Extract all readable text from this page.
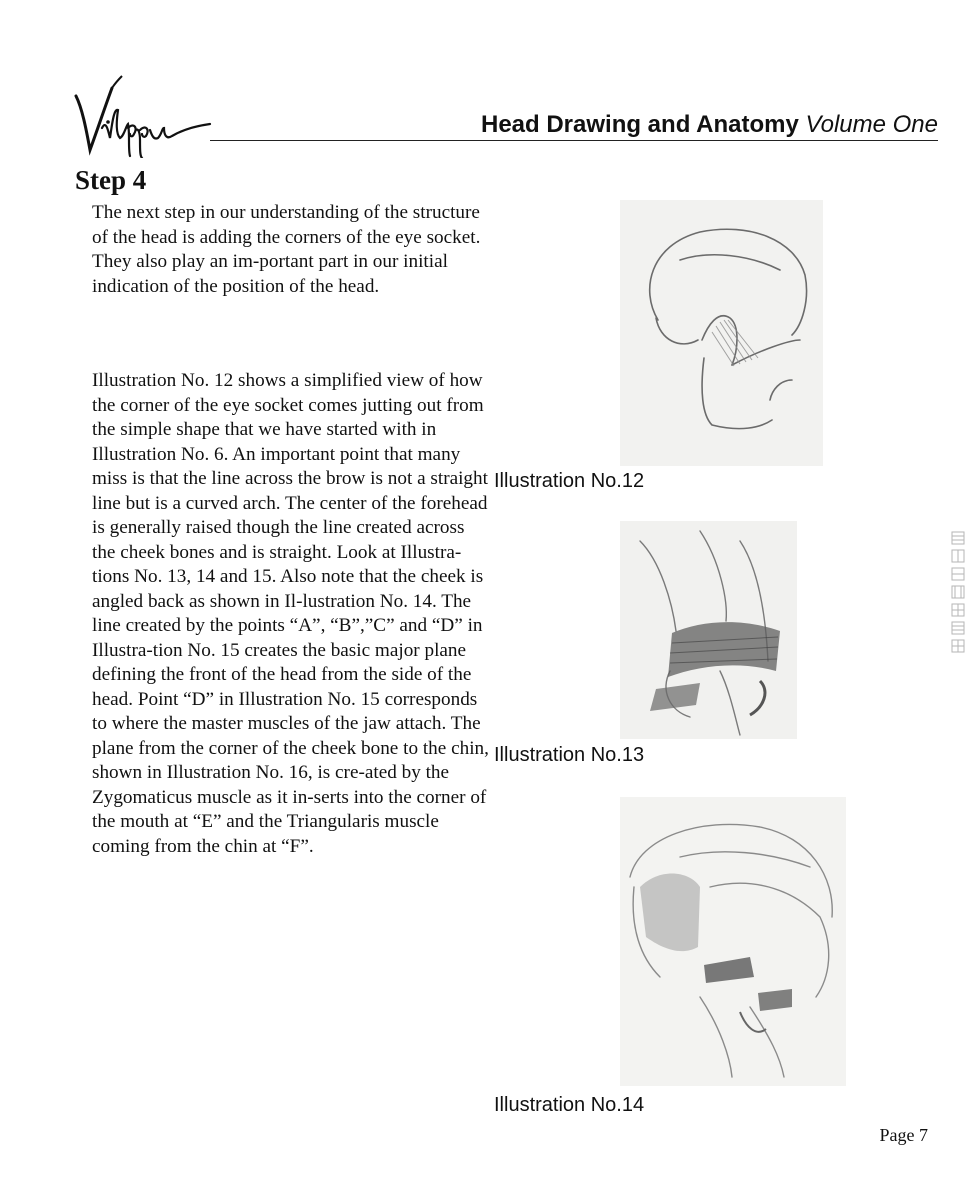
Head Drawing and Anatomy Volume One
Step 4

The next step in our understanding of the structure of the head is adding the corners of the eye socket. They also play an im-portant part in our initial indication of the position of the head.

Illustration No. 12 shows a simplified view of how the corner of the eye socket comes jutting out from the simple shape that we have started with in Illustration No. 6. An important point that many miss is that the line across the brow is not a straight line but is a curved arch. The center of the forehead is generally raised though the line created across the cheek bones and is straight. Look at Illustra-tions No. 13, 14 and 15. Also note that the cheek is angled back as shown in Il-lustration No. 14. The line created by the points “A”, “B”,”C” and “D” in Illustra-tion No. 15 creates the basic major plane defining the front of the head from the side of the head. Point “D” in Illustration No. 15 corresponds to where the master muscles of the jaw attach. The plane from the corner of the cheek bone to the chin, shown in Illustration No. 16, is cre-ated by the Zygomaticus muscle as it in-serts into the corner of the mouth at “E” and the Triangularis muscle coming from the chin at “F”.

Illustration No.12
Illustration No.13
Illustration No.14
Page 7
